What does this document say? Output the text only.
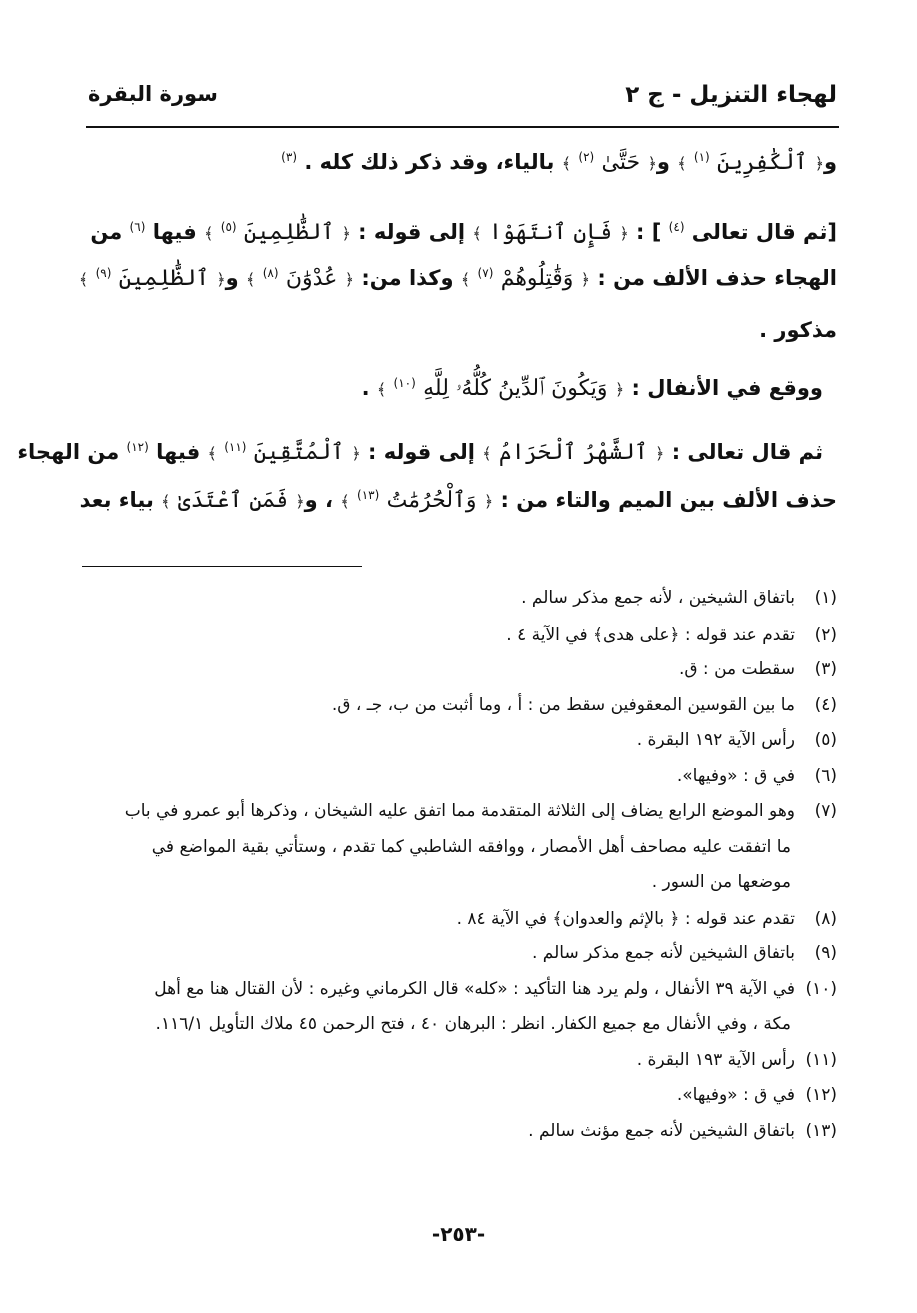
لهجاء التنزيل - ج ٢
سورة البقرة
و﴿ ٱلْكَٰفِرِينَ $^{(١)}$ ﴾ و﴿ حَتَّىٰ $^{(٢)}$ ﴾ بالياء، وقد ذكر ذلك كله . $^{(٣)}$
[ثم قال تعالى $^{(٤)}$ ] : ﴿ فَإِنِ ٱنتَهَوْا ﴾ إلى قوله : ﴿ ٱلظَّٰلِمِينَ $^{(٥)}$ ﴾ فيها $^{(٦)}$ من
الهجاء حذف الألف من : ﴿ وَقَٰتِلُوهُمْ $^{(٧)}$ ﴾ وكذا من: ﴿ عُدْوَٰنَ $^{(٨)}$ ﴾ و﴿ ٱلظَّٰلِمِينَ $^{(٩)}$ ﴾
مذكور .
ووقع في الأنفال : ﴿ وَيَكُونَ ٱلدِّينُ كُلُّهُۥ لِلَّهِ $^{(١٠)}$ ﴾ .
ثم قال تعالى : ﴿ ٱلشَّهْرُ ٱلْحَرَامُ ﴾ إلى قوله : ﴿ ٱلْمُتَّقِينَ $^{(١١)}$ ﴾ فيها $^{(١٢)}$ من الهجاء
حذف الألف بين الميم والتاء من : ﴿ وَٱلْحُرُمَٰتُ $^{(١٣)}$ ﴾ ، و﴿ فَمَنِ ٱعْتَدَىٰ ﴾ بياء بعد
(١)باتفاق الشيخين ، لأنه جمع مذكر سالم .
(٢)تقدم عند قوله : ﴿على هدى﴾ في الآية ٤ .
(٣)سقطت من : ق.
(٤)ما بين القوسين المعقوفين سقط من : أ ، وما أثبت من ب، جـ ، ق.
(٥)رأس الآية ١٩٢ البقرة .
(٦)في ق : «وفيها».
(٧)وهو الموضع الرابع يضاف إلى الثلاثة المتقدمة مما اتفق عليه الشيخان ، وذكرها أبو عمرو في باب
ما اتفقت عليه مصاحف أهل الأمصار ، ووافقه الشاطبي كما تقدم ، وستأتي بقية المواضع في
موضعها من السور .
(٨)تقدم عند قوله : ﴿ بالإثم والعدوان﴾ في الآية ٨٤ .
(٩)باتفاق الشيخين لأنه جمع مذكر سالم .
(١٠)في الآية ٣٩ الأنفال ، ولم يرد هنا التأكيد : «كله» قال الكرماني وغيره : لأن القتال هنا مع أهل
مكة ، وفي الأنفال مع جميع الكفار. انظر : البرهان ٤٠ ، فتح الرحمن ٤٥ ملاك التأويل ١١٦/١.
(١١)رأس الآية ١٩٣ البقرة .
(١٢)في ق : «وفيها».
(١٣)باتفاق الشيخين لأنه جمع مؤنث سالم .
-٢٥٣-
